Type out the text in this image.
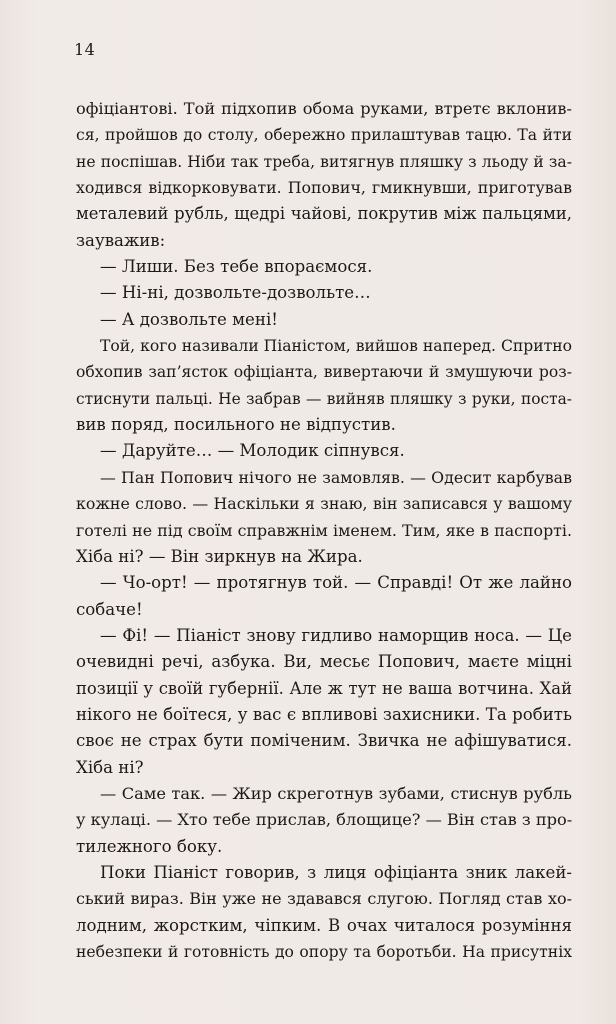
14
офіціантові. Той підхопив обома руками, втретє вклонив-
ся, пройшов до столу, обережно прилаштував тацю. Та йти
не поспішав. Ніби так треба, витягнув пляшку з льоду й за-
ходився відкорковувати. Попович, гмикнувши, приготував
металевий рубль, щедрі чайові, покрутив між пальцями,
зауважив:
— Лиши. Без тебе впораємося.
— Ні-ні, дозвольте-дозвольте…
— А дозвольте мені!
Той, кого називали Піаністом, вийшов наперед. Спритно
обхопив зап’ясток офіціанта, вивертаючи й змушуючи роз-
стиснути пальці. Не забрав — вийняв пляшку з руки, поста-
вив поряд, посильного не відпустив.
— Даруйте… — Молодик сіпнувся.
— Пан Попович нічого не замовляв. — Одесит карбував
кожне слово. — Наскільки я знаю, він записався у вашому
готелі не під своїм справжнім іменем. Тим, яке в паспорті.
Хіба ні? — Він зиркнув на Жира.
— Чо-орт! — протягнув той. — Справді! От же лайно
собаче!
— Фі! — Піаніст знову гидливо наморщив носа. — Це
очевидні речі, азбука. Ви, месьє Попович, маєте міцні
позиції у своїй губернії. Але ж тут не ваша вотчина. Хай
нікого не боїтеся, у вас є впливові захисники. Та робить
своє не страх бути поміченим. Звичка не афішуватися.
Хіба ні?
— Саме так. — Жир скреготнув зубами, стиснув рубль
у кулаці. — Хто тебе прислав, блощице? — Він став з про-
тилежного боку.
Поки Піаніст говорив, з лиця офіціанта зник лакей-
ський вираз. Він уже не здавався слугою. Погляд став хо-
лодним, жорстким, чіпким. В очах читалося розуміння
небезпеки й готовність до опору та боротьби. На присутніх
